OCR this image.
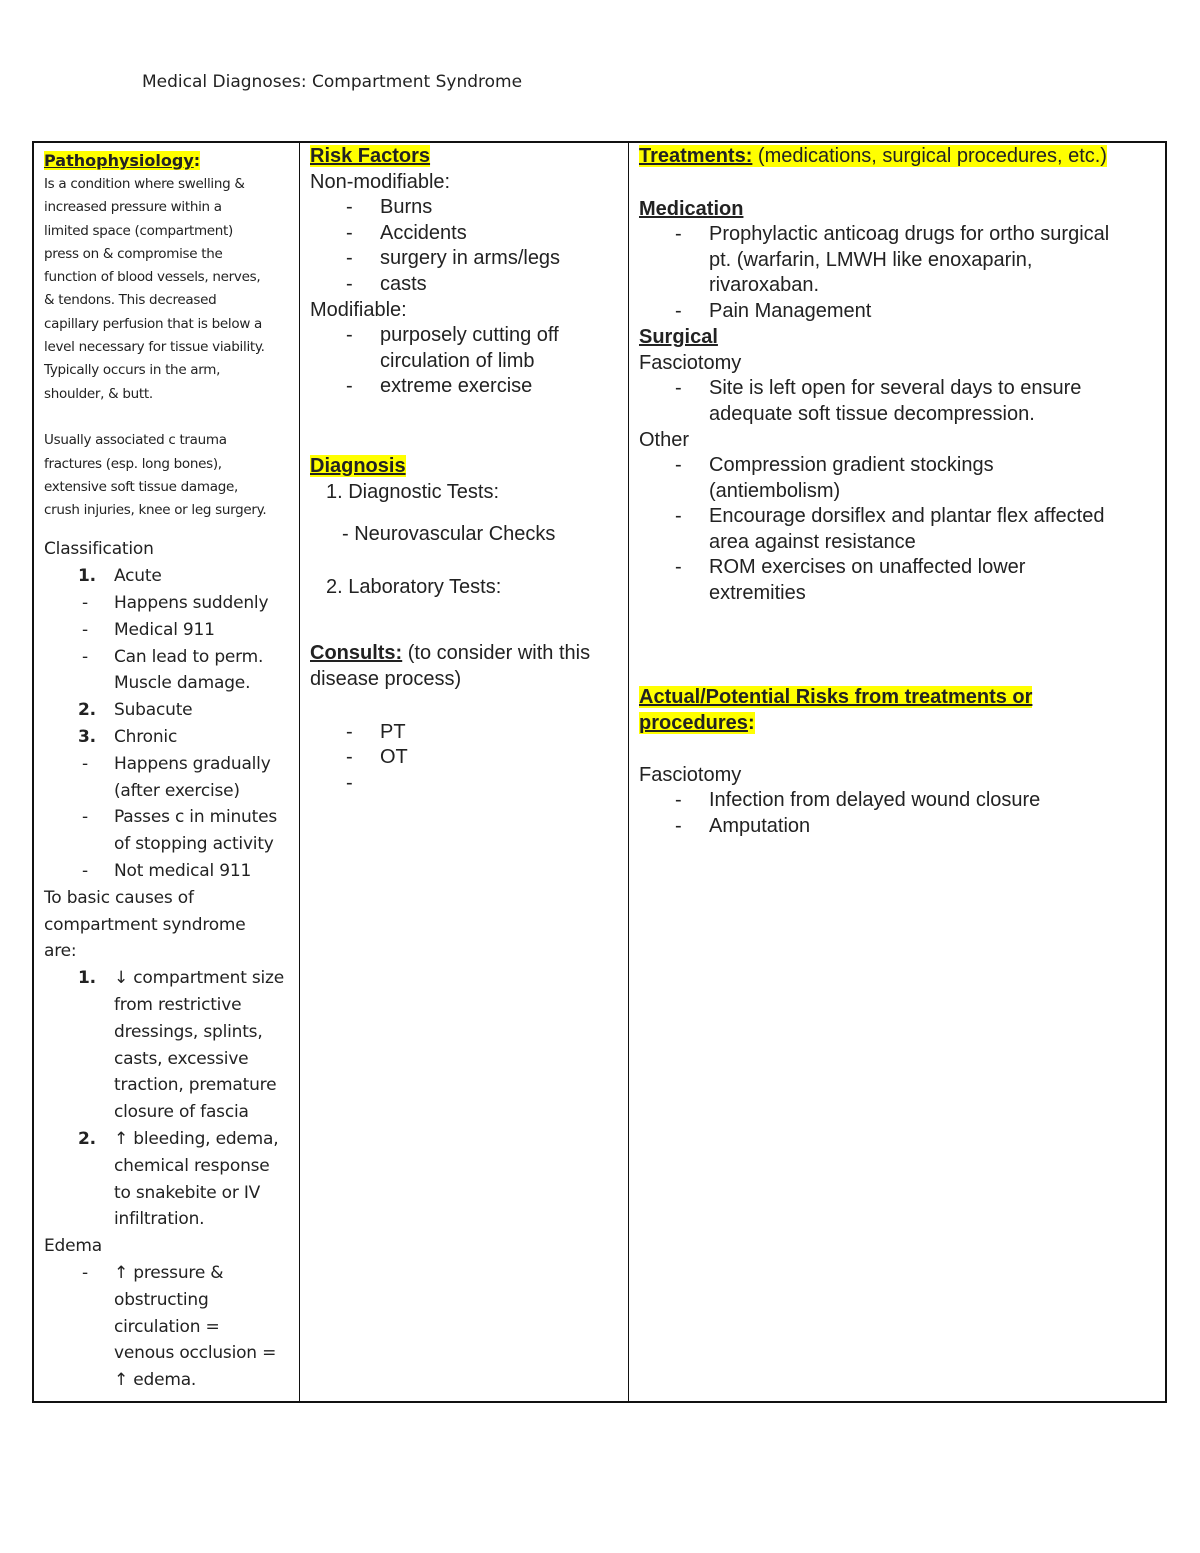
Medical Diagnoses: Compartment Syndrome
Pathophysiology:
Is a condition where swelling &
increased pressure within a
limited space (compartment)
press on & compromise the
function of blood vessels, nerves,
& tendons. This decreased
capillary perfusion that is below a
level necessary for tissue viability.
Typically occurs in the arm,
shoulder, & butt.

Usually associated c trauma
fractures (esp. long bones),
extensive soft tissue damage,
crush injuries, knee or leg surgery.
Classification
1. Acute
- Happens suddenly
- Medical 911
- Can lead to perm.
Muscle damage.
2. Subacute
3. Chronic
- Happens gradually
(after exercise)
- Passes c in minutes
of stopping activity
- Not medical 911
To basic causes of
compartment syndrome
are:
1. ↓ compartment size
from restrictive
dressings, splints,
casts, excessive
traction, premature
closure of fascia
2. ↑ bleeding, edema,
chemical response
to snakebite or IV
infiltration.
Edema
- ↑ pressure &
obstructing
circulation =
venous occlusion =
↑ edema.
Risk Factors
Non-modifiable:
- Burns
- Accidents
- surgery in arms/legs
- casts
Modifiable:
- purposely cutting off
circulation of limb
- extreme exercise
Diagnosis
1. Diagnostic Tests:
- Neurovascular Checks
2. Laboratory Tests:
Consults: (to consider with this
disease process)
- PT
- OT
-

Treatments: (medications, surgical procedures, etc.)
Medication
- Prophylactic anticoag drugs for ortho surgical
pt. (warfarin, LMWH like enoxaparin,
rivaroxaban.
- Pain Management
Surgical
Fasciotomy
- Site is left open for several days to ensure
adequate soft tissue decompression.
Other
- Compression gradient stockings
(antiembolism)
- Encourage dorsiflex and plantar flex affected
area against resistance
- ROM exercises on unaffected lower
extremities
Actual/Potential Risks from treatments or
procedures:
Fasciotomy
- Infection from delayed wound closure
- Amputation
